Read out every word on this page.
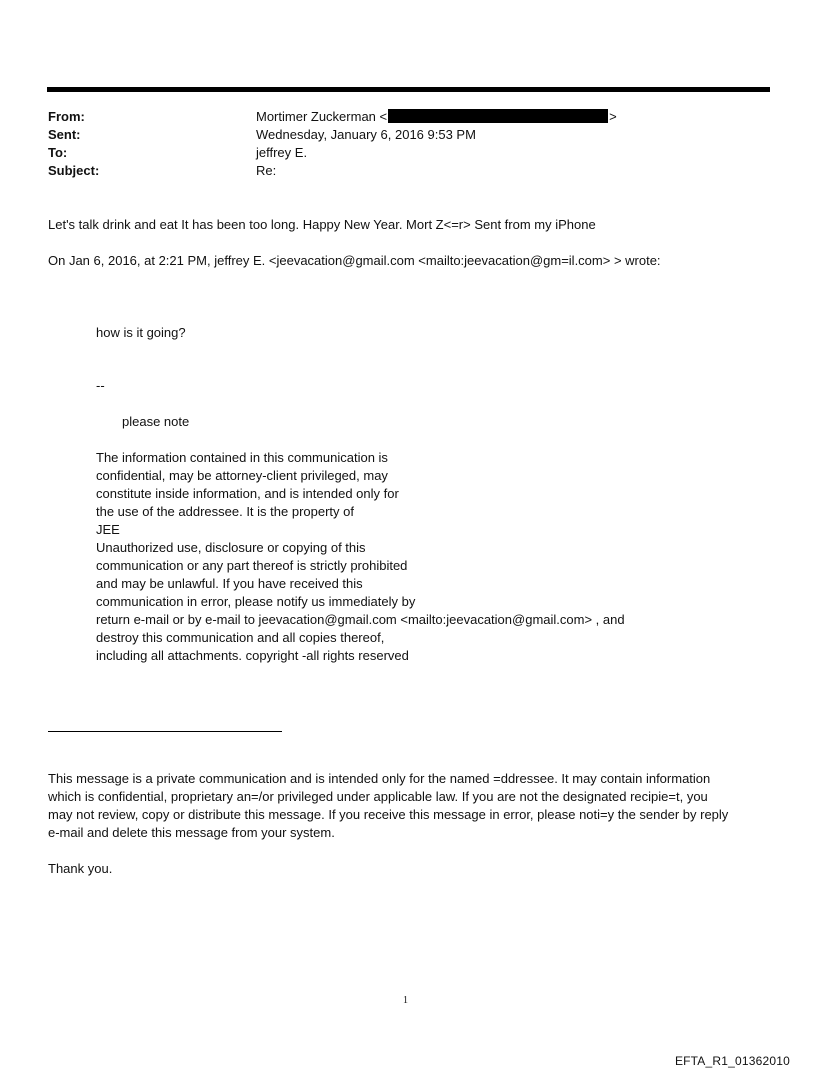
From:	Mortimer Zuckerman <	>
Sent:	Wednesday, January 6, 2016 9:53 PM
To:	jeffrey E.
Subject:	Re:
Let's talk drink and eat It has been too long. Happy New Year. Mort Z<=r> Sent from my iPhone
On Jan 6, 2016, at 2:21 PM, jeffrey E. <jeevacation@gmail.com <mailto:jeevacation@gm=il.com> > wrote:
how is it going?
--
please note
The information contained in this communication is
confidential, may be attorney-client privileged, may
constitute inside information, and is intended only for
the use of the addressee. It is the property of
JEE
Unauthorized use, disclosure or copying of this
communication or any part thereof is strictly prohibited
and may be unlawful. If you have received this
communication in error, please notify us immediately by
return e-mail or by e-mail to jeevacation@gmail.com <mailto:jeevacation@gmail.com> , and
destroy this communication and all copies thereof,
including all attachments. copyright -all rights reserved
This message is a private communication and is intended only for the named =ddressee. It may contain information
which is confidential, proprietary an=/or privileged under applicable law. If you are not the designated recipie=t, you
may not review, copy or distribute this message. If you receive this message in error, please noti=y the sender by reply
e-mail and delete this message from your system.
Thank you.
1
EFTA_R1_01362010
